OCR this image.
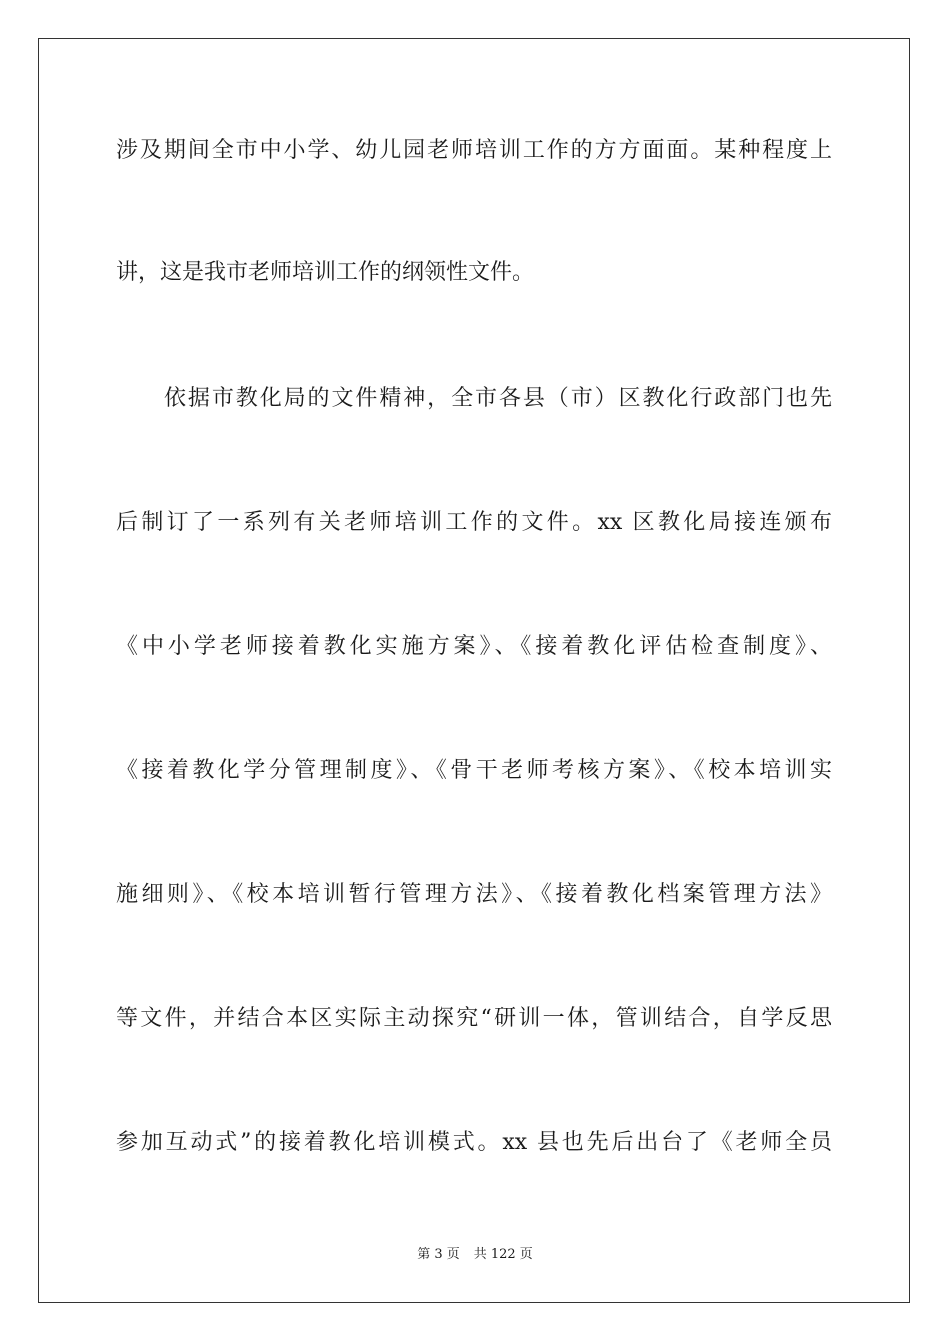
涉及期间全市中小学、幼儿园老师培训工作的方方面面。某种程度上
讲，这是我市老师培训工作的纲领性文件。
依据市教化局的文件精神，全市各县（市）区教化行政部门也先
后制订了一系列有关老师培训工作的文件。xx 区教化局接连颁布
《中小学老师接着教化实施方案》、《接着教化评估检查制度》、
《接着教化学分管理制度》、《骨干老师考核方案》、《校本培训实
施细则》、《校本培训暂行管理方法》、《接着教化档案管理方法》
等文件，并结合本区实际主动探究“研训一体，管训结合，自学反思
参加互动式”的接着教化培训模式。xx 县也先后出台了《老师全员
第 3 页 共 122 页
